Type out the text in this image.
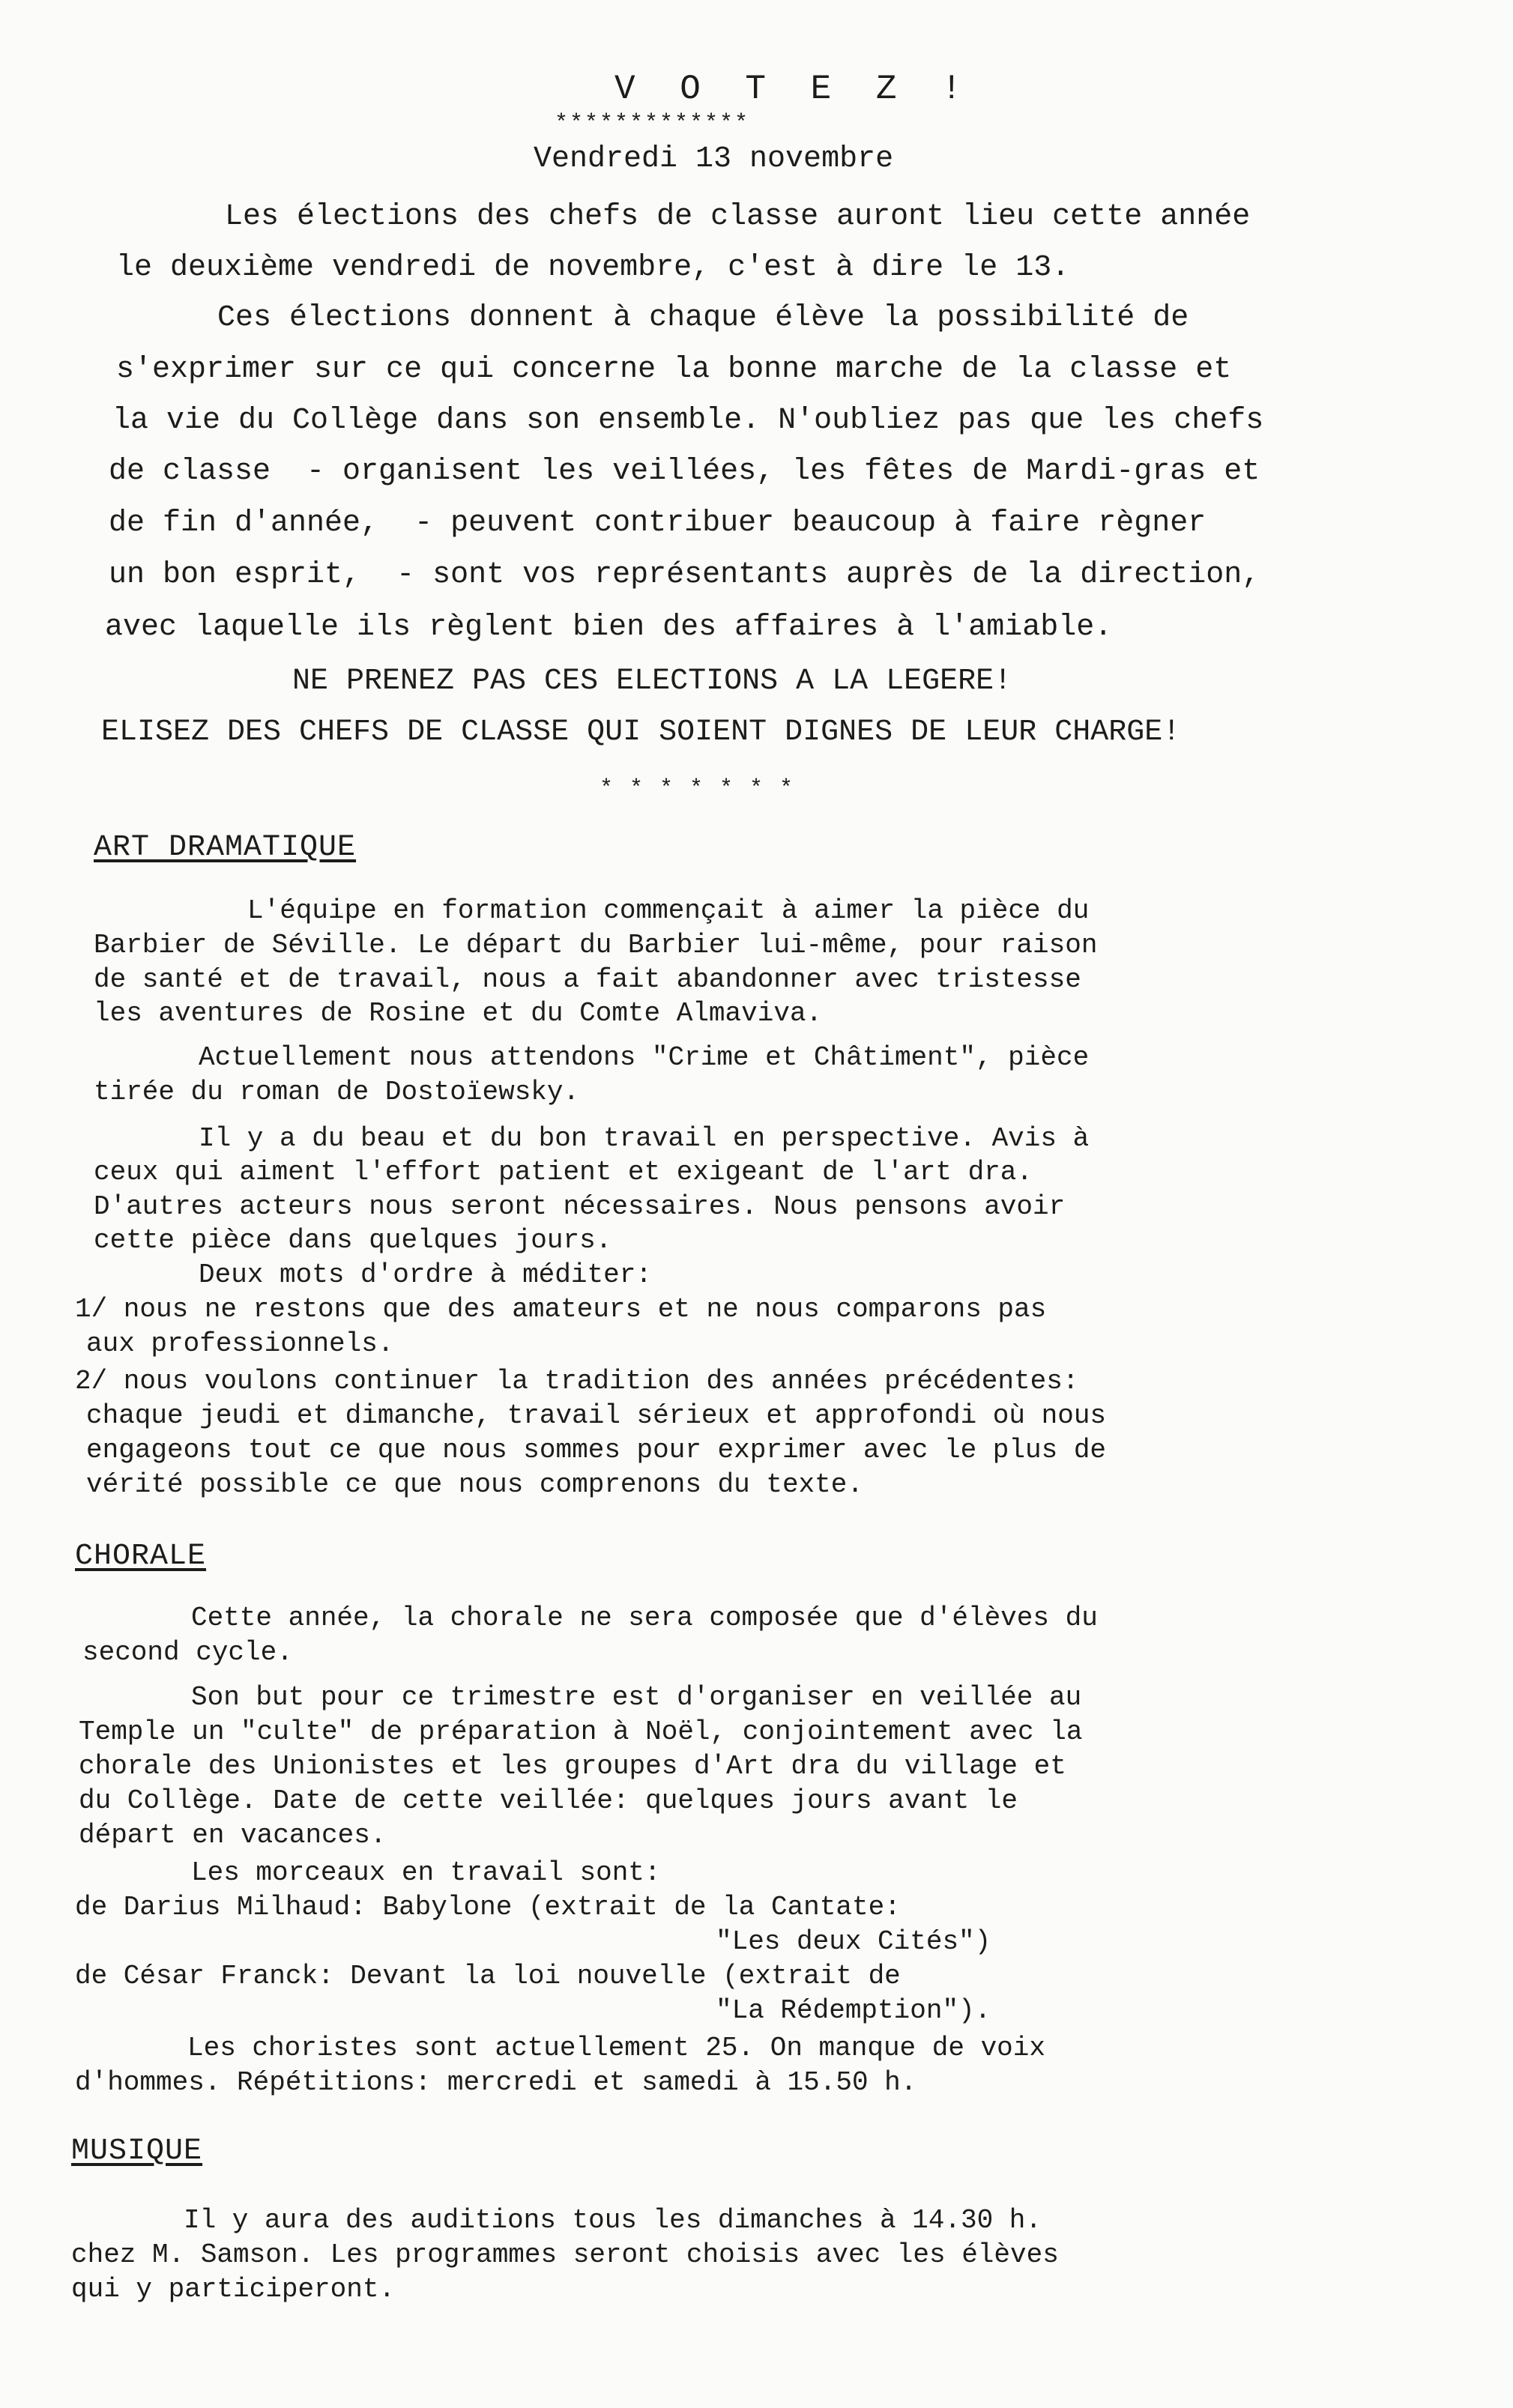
V O T E Z !
*************
Vendredi 13 novembre
Les élections des chefs de classe auront lieu cette année
le deuxième vendredi de novembre, c'est à dire le 13.
Ces élections donnent à chaque élève la possibilité de
s'exprimer sur ce qui concerne la bonne marche de la classe et
la vie du Collège dans son ensemble. N'oubliez pas que les chefs
de classe  - organisent les veillées, les fêtes de Mardi-gras et
de fin d'année,  - peuvent contribuer beaucoup à faire règner
un bon esprit,  - sont vos représentants auprès de la direction,
avec laquelle ils règlent bien des affaires à l'amiable.
NE PRENEZ PAS CES ELECTIONS A LA LEGERE!
ELISEZ DES CHEFS DE CLASSE QUI SOIENT DIGNES DE LEUR CHARGE!
* * * * * * *
ART DRAMATIQUE
L'équipe en formation commençait à aimer la pièce du
Barbier de Séville. Le départ du Barbier lui-même, pour raison
de santé et de travail, nous a fait abandonner avec tristesse
les aventures de Rosine et du Comte Almaviva.
Actuellement nous attendons "Crime et Châtiment", pièce
tirée du roman de Dostoïewsky.
Il y a du beau et du bon travail en perspective. Avis à
ceux qui aiment l'effort patient et exigeant de l'art dra.
D'autres acteurs nous seront nécessaires. Nous pensons avoir
cette pièce dans quelques jours.
Deux mots d'ordre à méditer:
1/ nous ne restons que des amateurs et ne nous comparons pas
aux professionnels.
2/ nous voulons continuer la tradition des années précédentes:
chaque jeudi et dimanche, travail sérieux et approfondi où nous
engageons tout ce que nous sommes pour exprimer avec le plus de
vérité possible ce que nous comprenons du texte.
CHORALE
Cette année, la chorale ne sera composée que d'élèves du
second cycle.
Son but pour ce trimestre est d'organiser en veillée au
Temple un "culte" de préparation à Noël, conjointement avec la
chorale des Unionistes et les groupes d'Art dra du village et
du Collège. Date de cette veillée: quelques jours avant le
départ en vacances.
Les morceaux en travail sont:
de Darius Milhaud: Babylone (extrait de la Cantate:
"Les deux Cités")
de César Franck: Devant la loi nouvelle (extrait de
"La Rédemption").
Les choristes sont actuellement 25. On manque de voix
d'hommes. Répétitions: mercredi et samedi à 15.50 h.
MUSIQUE
Il y aura des auditions tous les dimanches à 14.30 h.
chez M. Samson. Les programmes seront choisis avec les élèves
qui y participeront.
